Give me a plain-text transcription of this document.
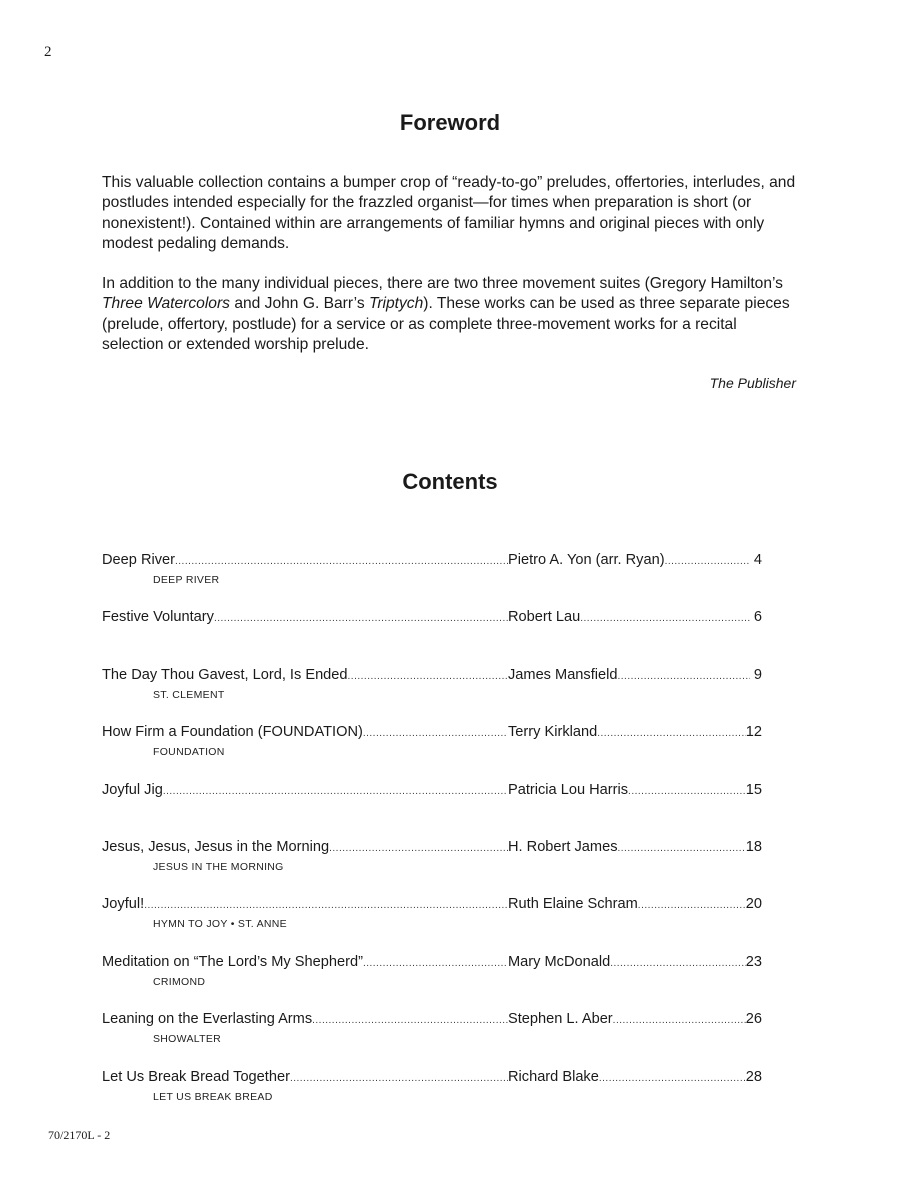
2
Foreword

This valuable collection contains a bumper crop of “ready-to-go” preludes, offertories, interludes, and postludes intended especially for the frazzled organist—for times when preparation is short (or nonexistent!). Contained within are arrangements of familiar hymns and original pieces with only modest pedaling demands.

In addition to the many individual pieces, there are two three movement suites (Gregory Hamilton’s Three Watercolors and John G. Barr’s Triptych). These works can be used as three separate pieces (prelude, offertory, postlude) for a service or as complete three-movement works for a recital selection or extended worship prelude.

The Publisher
Contents
Deep River .....	Pietro A. Yon (arr. Ryan) .....	4
DEEP RIVER
Festive Voluntary .....	Robert Lau .....	6
The Day Thou Gavest, Lord, Is Ended .....	James Mansfield .....	9
ST. CLEMENT
How Firm a Foundation (FOUNDATION) .....	Terry Kirkland .....	12
FOUNDATION
Joyful Jig .....	Patricia Lou Harris .....	15
Jesus, Jesus, Jesus in the Morning .....	H. Robert James .....	18
JESUS IN THE MORNING
Joyful! .....	Ruth Elaine Schram .....	20
HYMN TO JOY • ST. ANNE
Meditation on “The Lord’s My Shepherd” .....	Mary McDonald .....	23
CRIMOND
Leaning on the Everlasting Arms .....	Stephen L. Aber .....	26
SHOWALTER
Let Us Break Bread Together .....	Richard Blake .....	28
LET US BREAK BREAD
70/2170L - 2
